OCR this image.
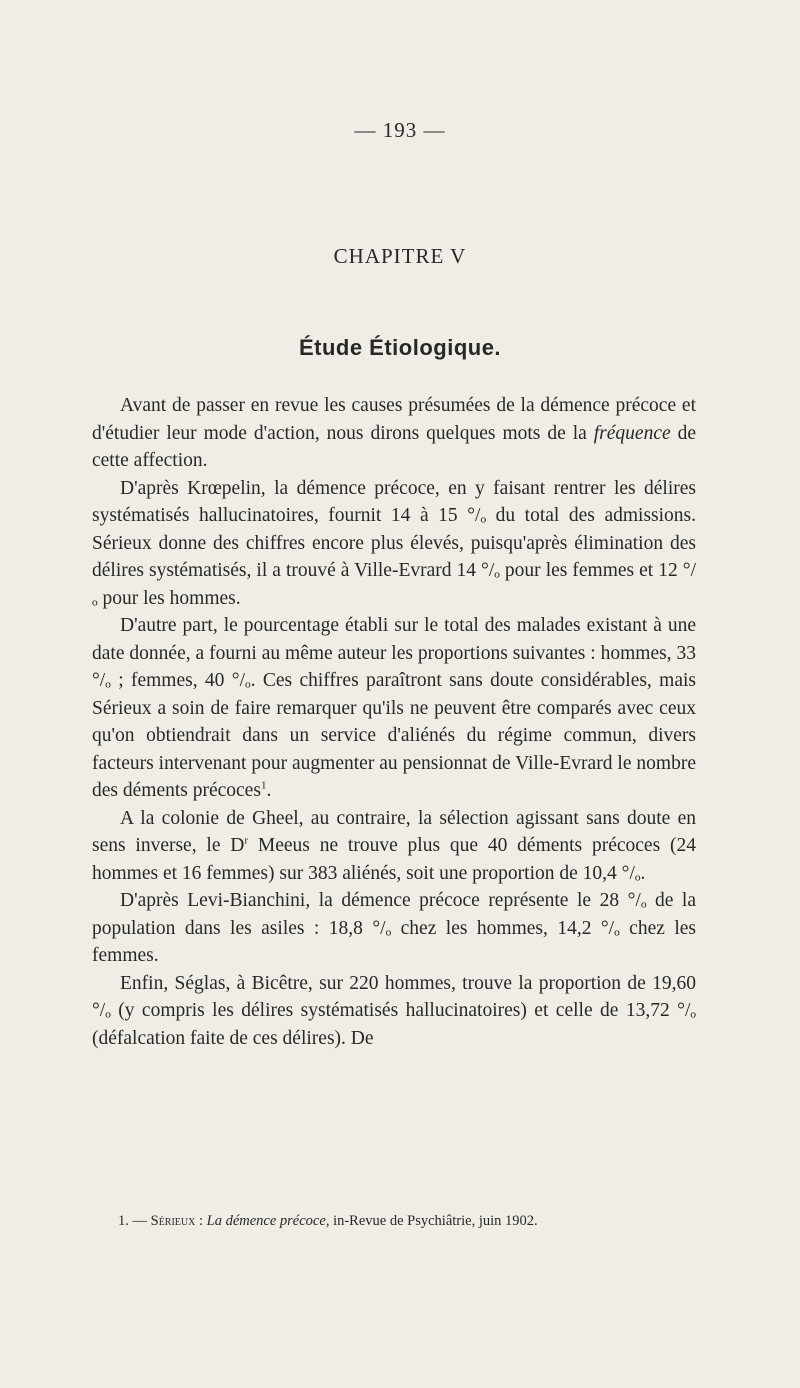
— 193 —
CHAPITRE V
Étude Étiologique.

Avant de passer en revue les causes présumées de la démence précoce et d'étudier leur mode d'action, nous dirons quelques mots de la fréquence de cette affection.

D'après Krœpelin, la démence précoce, en y faisant rentrer les délires systématisés hallucinatoires, fournit 14 à 15 °/ₒ du total des admissions. Sérieux donne des chiffres encore plus élevés, puisqu'après élimination des délires systématisés, il a trouvé à Ville-Evrard 14 °/ₒ pour les femmes et 12 °/ₒ pour les hommes.

D'autre part, le pourcentage établi sur le total des malades existant à une date donnée, a fourni au même auteur les proportions suivantes : hommes, 33 °/ₒ ; femmes, 40 °/ₒ. Ces chiffres paraîtront sans doute considérables, mais Sérieux a soin de faire remarquer qu'ils ne peuvent être comparés avec ceux qu'on obtiendrait dans un service d'aliénés du régime commun, divers facteurs intervenant pour augmenter au pensionnat de Ville-Evrard le nombre des déments précoces$^1$.

A la colonie de Gheel, au contraire, la sélection agissant sans doute en sens inverse, le $D^r$ Meeus ne trouve plus que 40 déments précoces (24 hommes et 16 femmes) sur 383 aliénés, soit une proportion de 10,4 °/ₒ.

D'après Levi-Bianchini, la démence précoce représente le 28 °/ₒ de la population dans les asiles : 18,8 °/ₒ chez les hommes, 14,2 °/ₒ chez les femmes.

Enfin, Séglas, à Bicêtre, sur 220 hommes, trouve la proportion de 19,60 °/ₒ (y compris les délires systématisés hallucinatoires) et celle de 13,72 °/ₒ (défalcation faite de ces délires). De

1. — Sérieux : La démence précoce, in-Revue de Psychiâtrie, juin 1902.
